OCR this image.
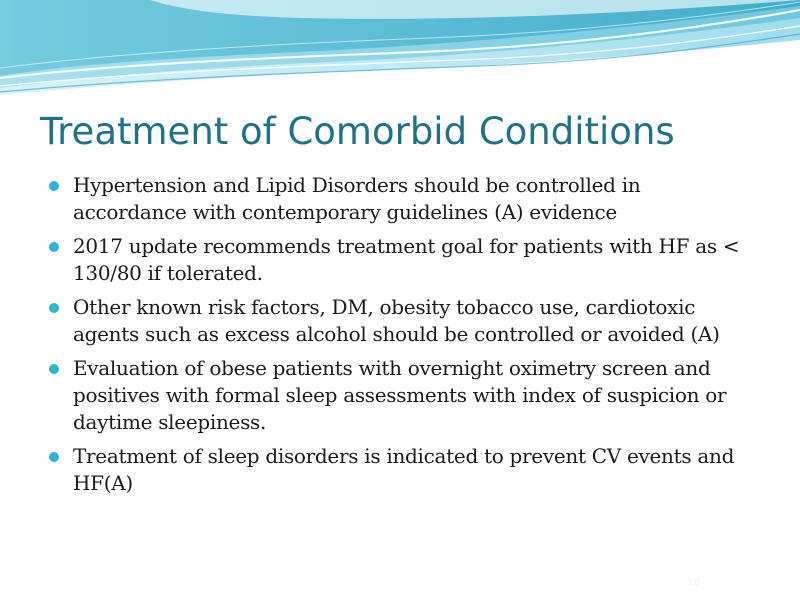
Treatment of Comorbid Conditions
Hypertension and Lipid Disorders should be controlled in accordance with contemporary guidelines (A) evidence
2017 update recommends treatment goal for patients with HF as < 130/80 if tolerated.
Other known risk factors, DM, obesity tobacco use, cardiotoxic agents such as excess alcohol should be controlled or avoided (A)
Evaluation of obese patients with overnight oximetry screen and positives with formal sleep assessments with index of suspicion or daytime sleepiness.
Treatment of sleep disorders is indicated to prevent CV events and HF(A)
10
